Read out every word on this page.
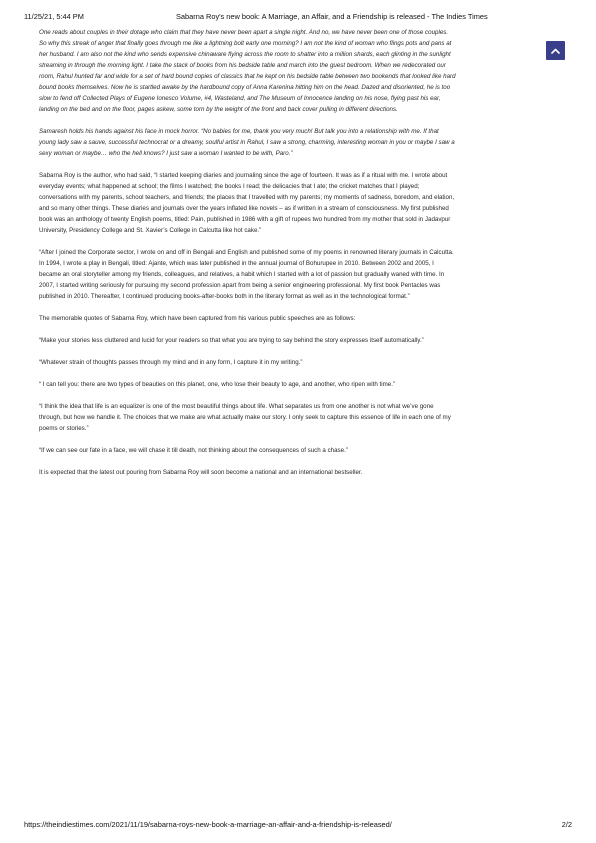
11/25/21, 5:44 PM	Sabarna Roy's new book: A Marriage, an Affair, and a Friendship is released - The Indies Times

One reads about couples in their dotage who claim that they have never been apart a single night. And no, we have never been one of those couples. So why this streak of anger that finally goes through me like a lightning bolt early one morning? I am not the kind of woman who flings pots and pans at her husband. I am also not the kind who sends expensive chinaware flying across the room to shatter into a million shards, each glinting in the sunlight streaming in through the morning light. I take the stack of books from his bedside table and march into the guest bedroom. When we redecorated our room, Rahul hunted far and wide for a set of hard bound copies of classics that he kept on his bedside table between two bookends that looked like hard bound books themselves. Now he is startled awake by the hardbound copy of Anna Karenina hitting him on the head. Dazed and disoriented, he is too slow to fend off Collected Plays of Eugene Ionesco Volume, #4, Wasteland, and The Museum of Innocence landing on his nose, flying past his ear, landing on the bed and on the floor, pages askew, some torn by the weight of the front and back cover pulling in different directions.

Samaresh holds his hands against his face in mock horror. “No babies for me, thank you very much! But talk you into a relationship with me. If that young lady saw a sauve, successful technocrat or a dreamy, soulful artist in Rahul, I saw a strong, charming, interesting woman in you or maybe I saw a sexy woman or maybe… who the hell knows? I just saw a woman I wanted to be with, Paro.”

Sabarna Roy is the author, who had said, “I started keeping diaries and journaling since the age of fourteen. It was as if a ritual with me. I wrote about everyday events; what happened at school; the films I watched; the books I read; the delicacies that I ate; the cricket matches that I played; conversations with my parents, school teachers, and friends; the places that I travelled with my parents; my moments of sadness, boredom, and elation, and so many other things. These diaries and journals over the years inflated like novels – as if written in a stream of consciousness. My first published book was an anthology of twenty English poems, titled: Pain, published in 1986 with a gift of rupees two hundred from my mother that sold in Jadavpur University, Presidency College and St. Xavier’s College in Calcutta like hot cake.”

“After I joined the Corporate sector, I wrote on and off in Bengali and English and published some of my poems in renowned literary journals in Calcutta. In 1994, I wrote a play in Bengali, titled: Ajante, which was later published in the annual journal of Bohurupee in 2010. Between 2002 and 2005, I became an oral storyteller among my friends, colleagues, and relatives, a habit which I started with a lot of passion but gradually waned with time. In 2007, I started writing seriously for pursuing my second profession apart from being a senior engineering professional. My first book Pentacles was published in 2010. Thereafter, I continued producing books-after-books both in the literary format as well as in the technological format.”

The memorable quotes of Sabarna Roy, which have been captured from his various public speeches are as follows:

“Make your stories less cluttered and lucid for your readers so that what you are trying to say behind the story expresses itself automatically.”

“Whatever strain of thoughts passes through my mind and in any form, I capture it in my writing.”

“ I can tell you: there are two types of beauties on this planet, one, who lose their beauty to age, and another, who ripen with time.”

“I think the idea that life is an equalizer is one of the most beautiful things about life. What separates us from one another is not what we’ve gone through, but how we handle it. The choices that we make are what actually make our story. I only seek to capture this essence of life in each one of my poems or stories.”

“If we can see our fate in a face, we will chase it till death, not thinking about the consequences of such a chase.”

It is expected that the latest out pouring from Sabarna Roy will soon become a national and an international bestseller.

https://theindiestimes.com/2021/11/19/sabarna-roys-new-book-a-marriage-an-affair-and-a-friendship-is-released/	2/2
